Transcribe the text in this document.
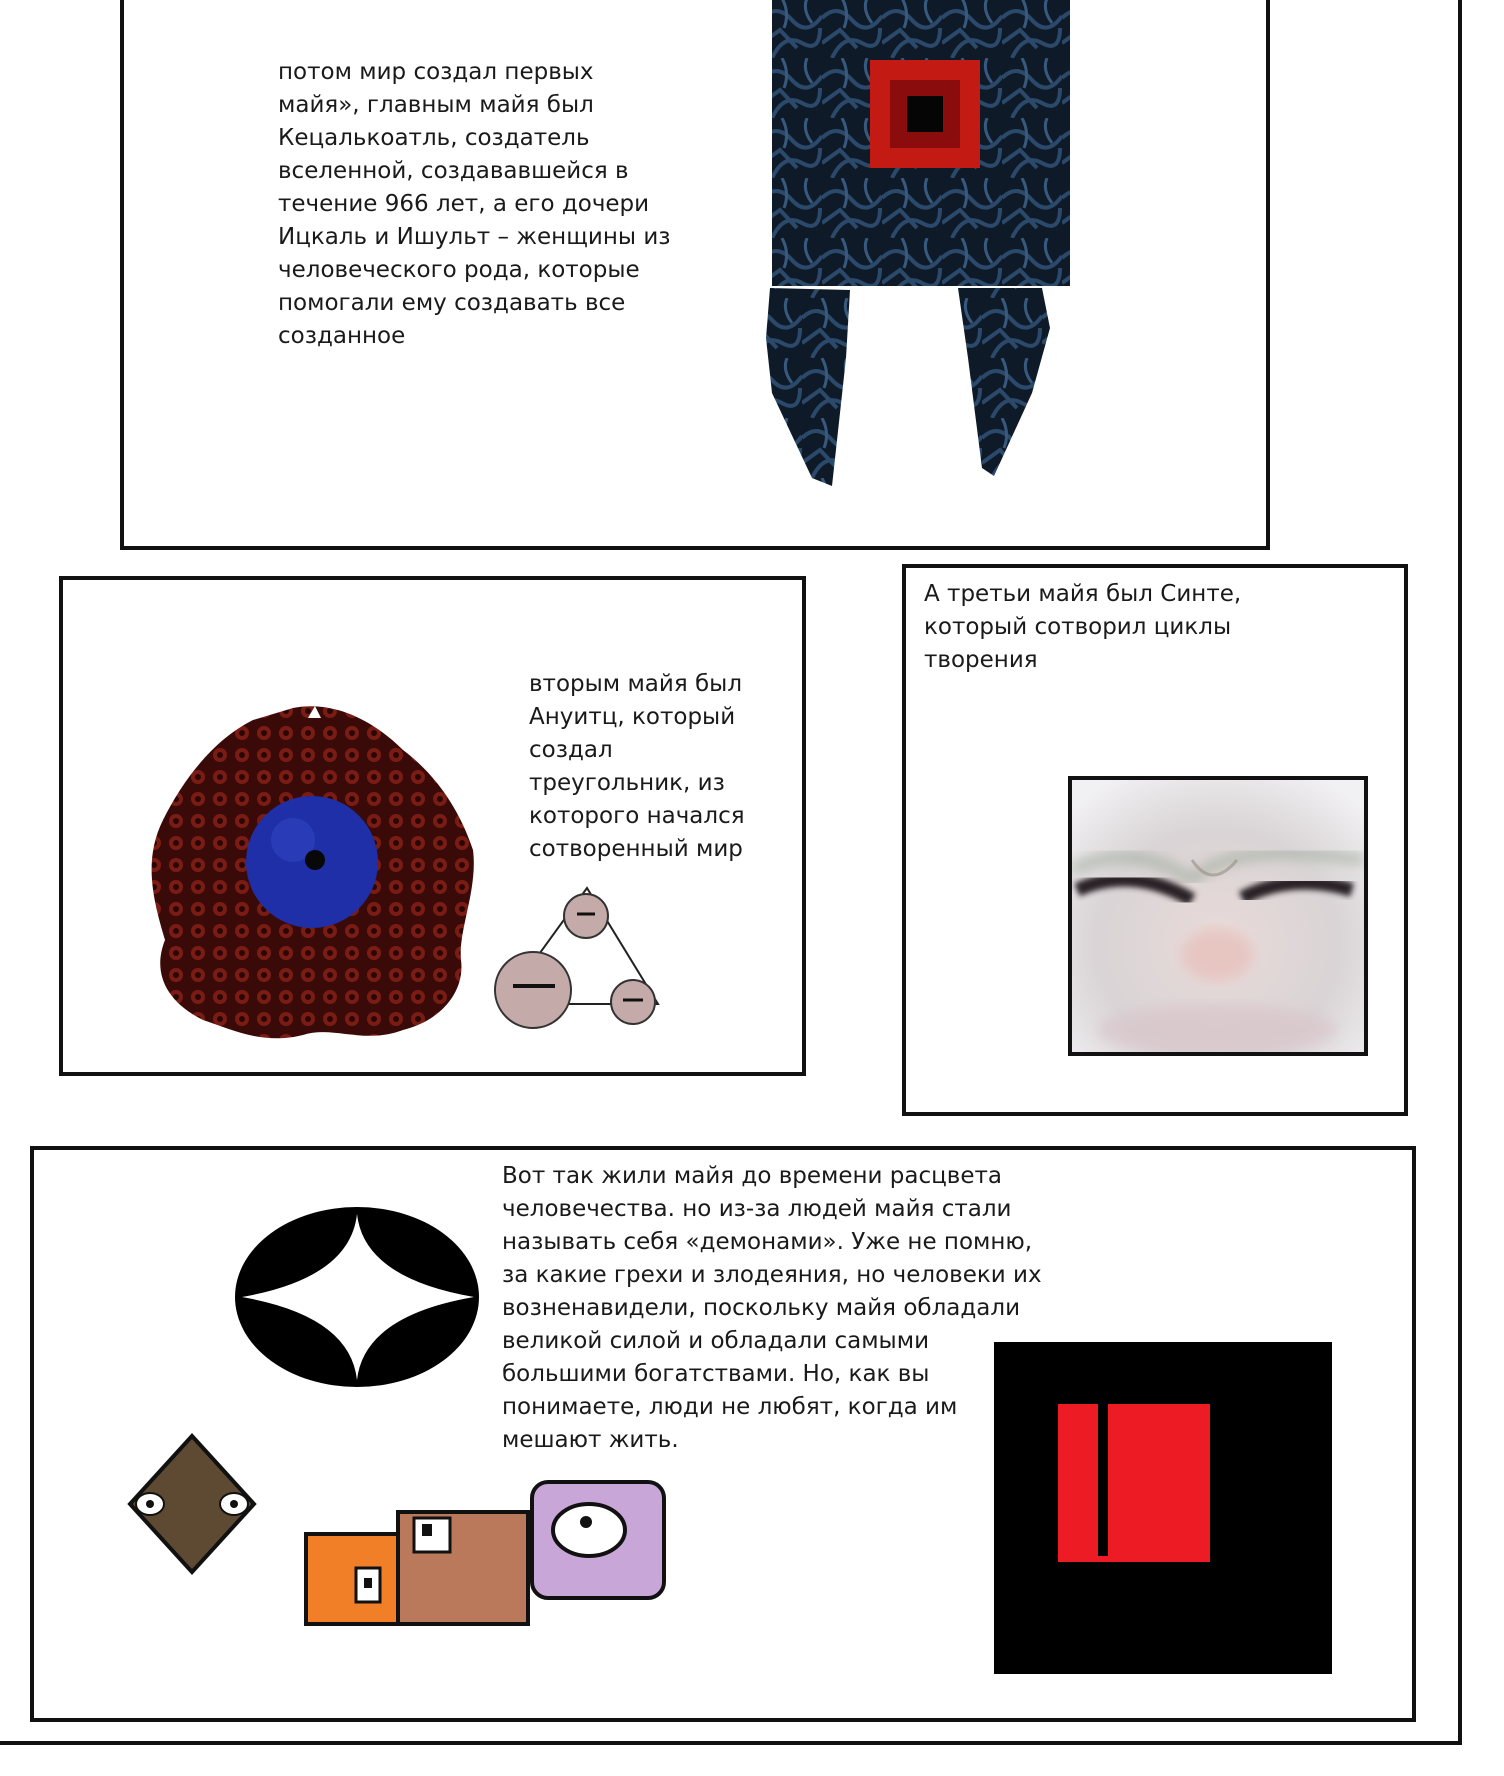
потом мир создал первых
майя», главным майя был
Кецалькоатль, создатель
вселенной, создававшейся в
течение 966 лет, а его дочери
Ицкаль и Ишульт – женщины из
человеческого рода, которые
помогали ему создавать все
созданное
вторым майя был
Ануитц, который
создал
треугольник, из
которого начался
сотворенный мир
А третьи майя был Синте,
который сотворил циклы
творения
Вот так жили майя до времени расцвета
человечества. но из-за людей майя стали
называть себя «демонами». Уже не помню,
за какие грехи и злодеяния, но человеки их
возненавидели, поскольку майя обладали
великой силой и обладали самыми
большими богатствами. Но, как вы
понимаете, люди не любят, когда им
мешают жить.
